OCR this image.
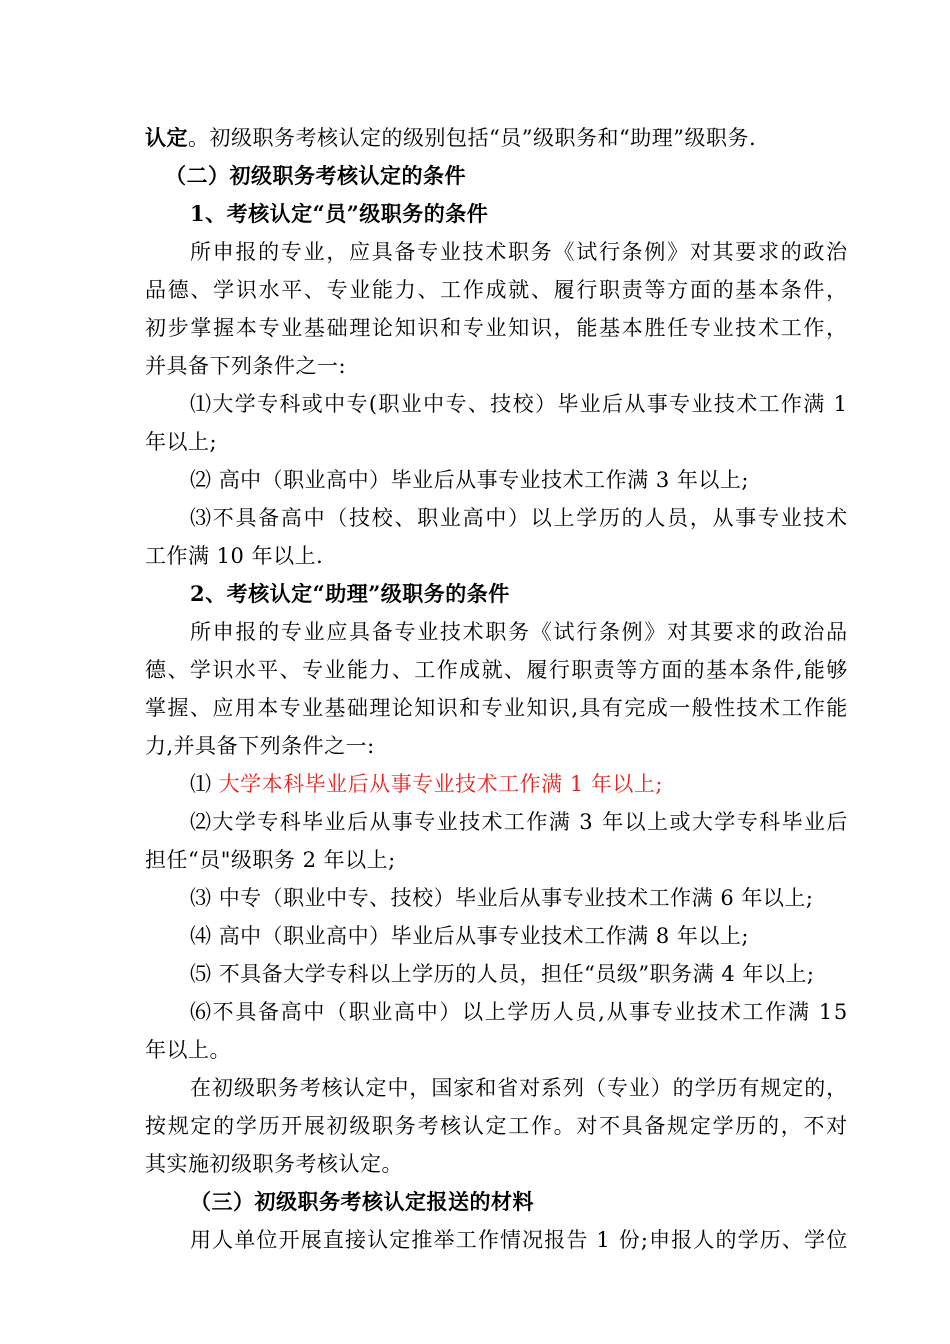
认定。初级职务考核认定的级别包括“员”级职务和“助理”级职务.
（二）初级职务考核认定的条件
1、考核认定“员”级职务的条件
所 申 报 的 专 业 ， 应 具 备 专 业 技 术 职 务 《 试 行 条 例 》 对 其 要 求 的 政 治
品 德 、 学 识 水 平 、 专 业 能 力 、 工 作 成 就 、 履 行 职 责 等 方 面 的 基 本 条 件 ，
初 步 掌 握 本 专 业 基 础 理 论 知 识 和 专 业 知 识 ， 能 基 本 胜 任 专 业 技 术 工 作 ，
并具备下列条件之一:
⑴ 大 学 专 科 或 中 专 ( 职 业 中 专 、 技 校 ） 毕 业 后 从 事 专 业 技 术 工 作 满
1
年以上;
⑵ 高中（职业高中）毕业后从事专业技术工作满 3 年以上;
⑶ 不 具 备 高 中 （ 技 校 、 职 业 高 中 ） 以 上 学 历 的 人 员 ， 从 事 专 业 技 术
工作满 10 年以上.
2、考核认定“助理”级职务的条件
所 申 报 的 专 业 应 具 备 专 业 技 术 职 务 《 试 行 条 例 》 对 其 要 求 的 政 治 品
德 、 学 识 水 平 、 专 业 能 力 、 工 作 成 就 、 履 行 职 责 等 方 面 的 基 本 条 件 , 能 够
掌 握 、 应 用 本 专 业 基 础 理 论 知 识 和 专 业 知 识 , 具 有 完 成 一 般 性 技 术 工 作 能
力,并具备下列条件之一:
⑴ 大学本科毕业后从事专业技术工作满 1 年以上;
⑵ 大 学 专 科 毕 业 后 从 事 专 业 技 术 工 作 满
3
年 以 上 或 大 学 专 科 毕 业 后
担任“员"级职务 2 年以上;
⑶ 中专（职业中专、技校）毕业后从事专业技术工作满 6 年以上;
⑷ 高中（职业高中）毕业后从事专业技术工作满 8 年以上;
⑸ 不具备大学专科以上学历的人员，担任“员级”职务满 4 年以上;
⑹ 不 具 备 高 中 （ 职 业 高 中 ） 以 上 学 历 人 员 , 从 事 专 业 技 术 工 作 满
1 5
年以上。
在 初 级 职 务 考 核 认 定 中 ， 国 家 和 省 对 系 列 （ 专 业 ） 的 学 历 有 规 定 的 ，
按 规 定 的 学 历 开 展 初 级 职 务 考 核 认 定 工 作 。 对 不 具 备 规 定 学 历 的 ， 不 对
其实施初级职务考核认定。
（三）初级职务考核认定报送的材料
用 人 单 位 开 展 直 接 认 定 推 举 工 作 情 况 报 告
1
份 ; 申 报 人 的 学 历 、 学 位
